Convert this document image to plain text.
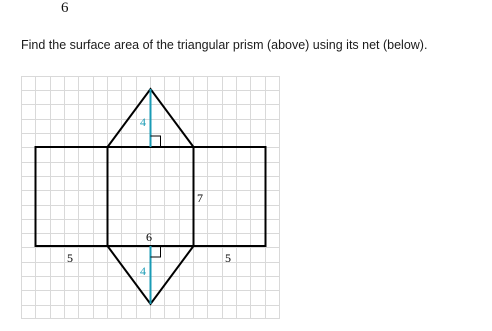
6
Find the surface area of the triangular prism (above) using its net (below).
4
4
7
6
5	5
